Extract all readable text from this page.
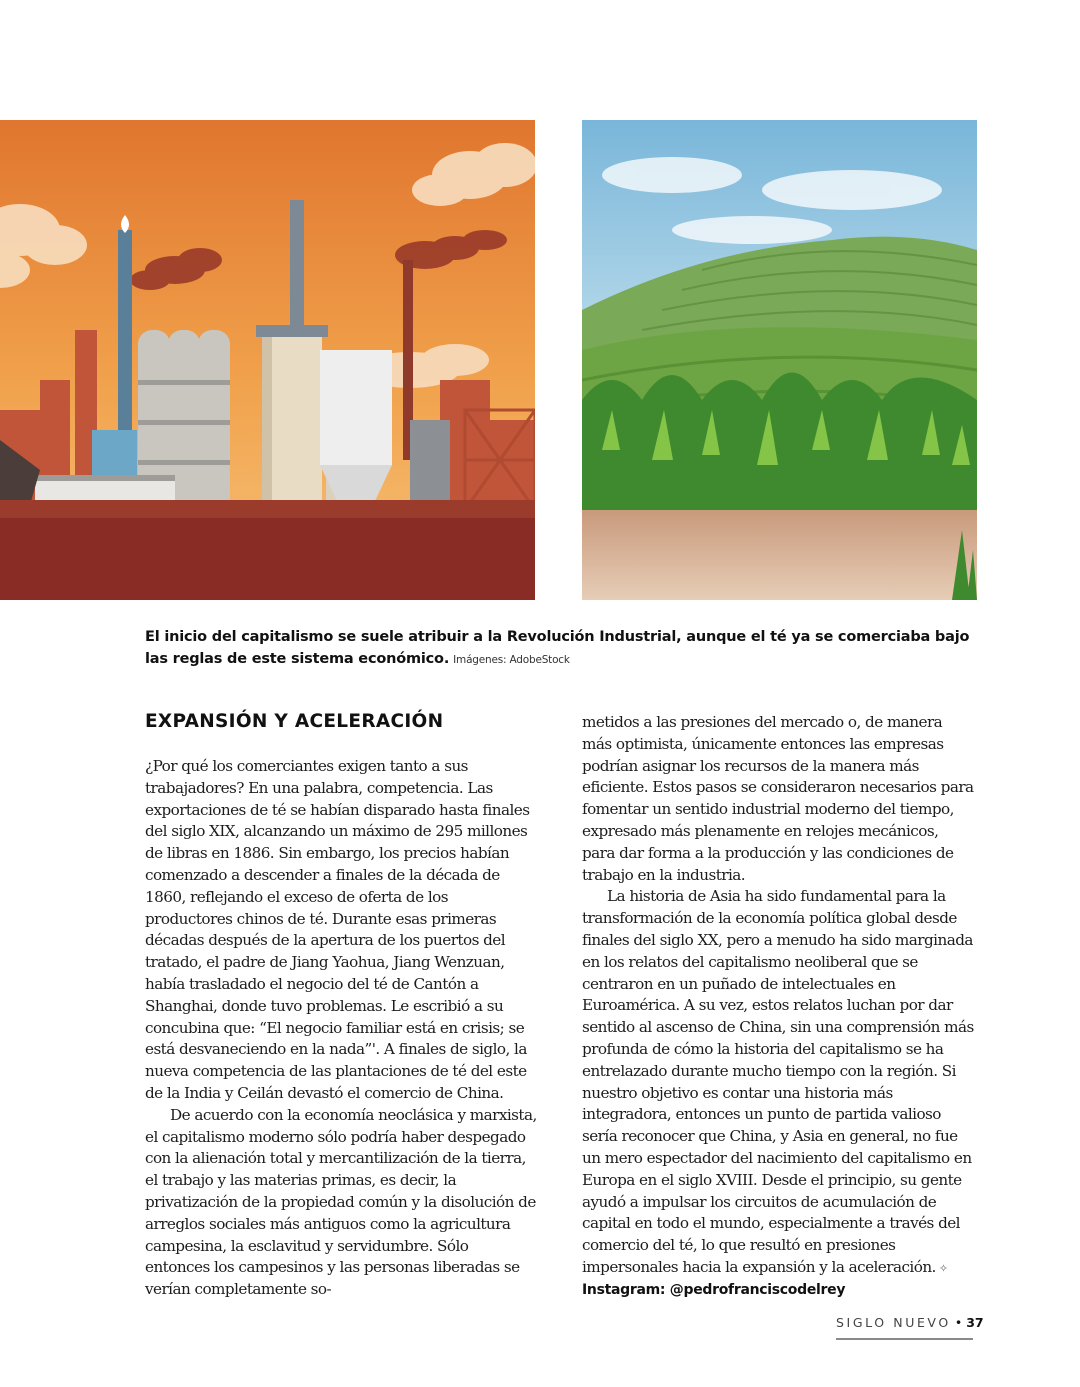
El inicio del capitalismo se suele atribuir a la Revolución Industrial, aunque el té ya se comerciaba bajo las reglas de este sistema económico. Imágenes: AdobeStock
EXPANSIÓN Y ACELERACIÓN

¿Por qué los comerciantes exigen tanto a sus trabajadores? En una palabra, competencia. Las exportaciones de té se habían disparado hasta finales del siglo XIX, alcanzando un máximo de 295 millones de libras en 1886. Sin embargo, los precios habían comenzado a descender a finales de la década de 1860, reflejando el exceso de oferta de los productores chinos de té. Durante esas primeras décadas después de la apertura de los puertos del tratado, el padre de Jiang Yaohua, Jiang Wenzuan, había trasladado el negocio del té de Cantón a Shanghai, donde tuvo problemas. Le escribió a su concubina que: “El negocio familiar está en crisis; se está desvaneciendo en la nada”'. A finales de siglo, la nueva competencia de las plantaciones de té del este de la India y Ceilán devastó el comercio de China.

De acuerdo con la economía neoclásica y marxista, el capitalismo moderno sólo podría haber despegado con la alienación total y mercantilización de la tierra, el trabajo y las materias primas, es decir, la privatización de la propiedad común y la disolución de arreglos sociales más antiguos como la agricultura campesina, la esclavitud y servidumbre. Sólo entonces los campesinos y las personas liberadas se verían completamente so-

metidos a las presiones del mercado o, de manera más optimista, únicamente entonces las empresas podrían asignar los recursos de la manera más eficiente. Estos pasos se consideraron necesarios para fomentar un sentido industrial moderno del tiempo, expresado más plenamente en relojes mecánicos, para dar forma a la producción y las condiciones de trabajo en la industria.

La historia de Asia ha sido fundamental para la transformación de la economía política global desde finales del siglo XX, pero a menudo ha sido marginada en los relatos del capitalismo neoliberal que se centraron en un puñado de intelectuales en Euroamérica. A su vez, estos relatos luchan por dar sentido al ascenso de China, sin una comprensión más profunda de cómo la historia del capitalismo se ha entrelazado durante mucho tiempo con la región. Si nuestro objetivo es contar una historia más integradora, entonces un punto de partida valioso sería reconocer que China, y Asia en general, no fue un mero espectador del nacimiento del capitalismo en Europa en el siglo XVIII. Desde el principio, su gente ayudó a impulsar los circuitos de acumulación de capital en todo el mundo, especialmente a través del comercio del té, lo que resultó en presiones impersonales hacia la expansión y la aceleración. ✧

Instagram: @pedrofranciscodelrey

SIGLO NUEVO • 37
